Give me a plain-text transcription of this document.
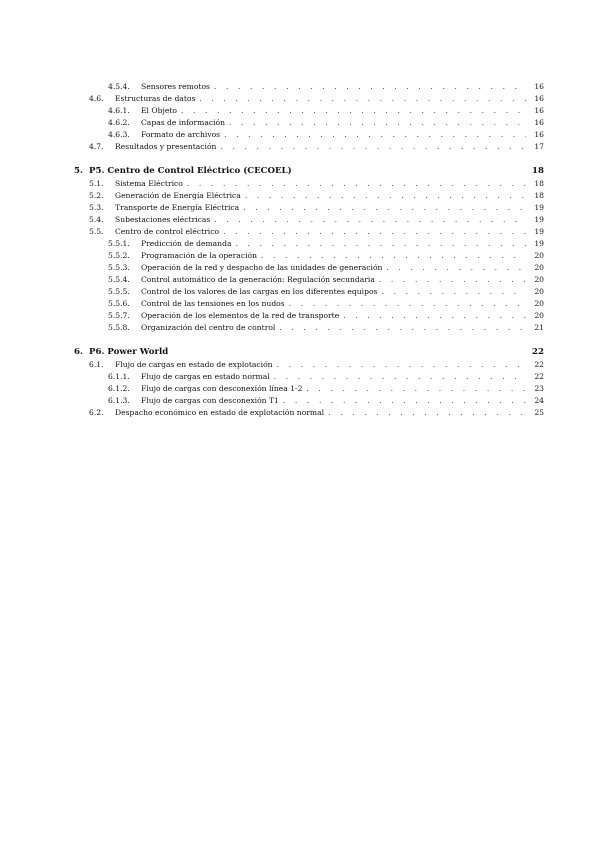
4.5.4.	Sensores remotos . . .	16
4.6.	Estructuras de datos . . .	16
4.6.1.	El Objeto . . .	16
4.6.2.	Capas de información . . .	16
4.6.3.	Formato de archivos . . .	16
4.7.	Resultados y presentación . . .	17
5. P5. Centro de Control Eléctrico (CECOEL)	18
5.1.	Sistema Eléctrico . . .	18
5.2.	Generación de Energía Eléctrica . . .	18
5.3.	Transporte de Energía Eléctrica . . .	19
5.4.	Subestaciones eléctricas . . .	19
5.5.	Centro de control eléctrico . . .	19
5.5.1.	Predicción de demanda . . .	19
5.5.2.	Programación de la operación . . .	20
5.5.3.	Operación de la red y despacho de las unidades de generación . . .	20
5.5.4.	Control automático de la generación: Regulación secundaria . . .	20
5.5.5.	Control de los valores de las cargas en los diferentes equipos . . .	20
5.5.6.	Control de las tensiones en los nudos . . .	20
5.5.7.	Operación de los elementos de la red de transporte . . .	20
5.5.8.	Organización del centro de control . . .	21
6. P6. Power World	22
6.1.	Flujo de cargas en estado de explotación . . .	22
6.1.1.	Flujo de cargas en estado normal . . .	22
6.1.2.	Flujo de cargas con desconexión línea 1-2 . . .	23
6.1.3.	Flujo de cargas con desconexión T1 . . .	24
6.2.	Despacho económico en estado de explotación normal . . .	25
